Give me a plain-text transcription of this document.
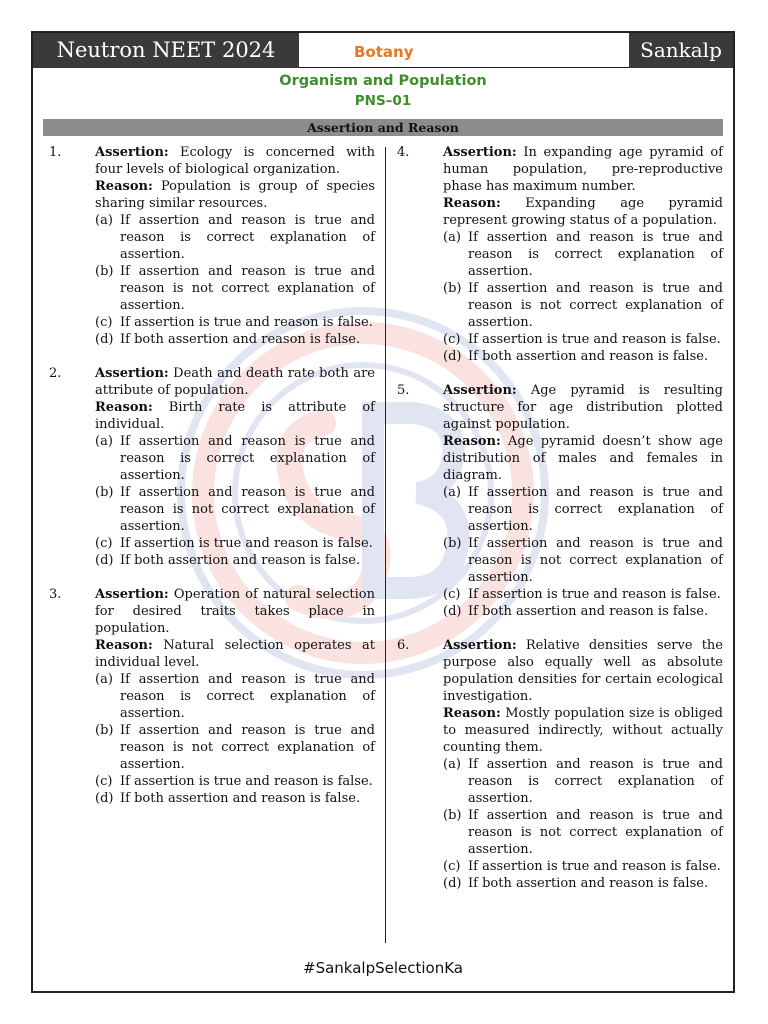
Neutron NEET 2024	Botany	Sankalp
Organism and Population
PNS–01
Assertion and Reason
1.	Assertion: Ecology is concerned with four levels of biological organization.
Reason: Population is group of species sharing similar resources.
(a) If assertion and reason is true and reason is correct explanation of assertion.
(b) If assertion and reason is true and reason is not correct explanation of assertion.
(c) If assertion is true and reason is false.
(d) If both assertion and reason is false.
2.	Assertion: Death and death rate both are attribute of population.
Reason: Birth rate is attribute of individual.
(a) If assertion and reason is true and reason is correct explanation of assertion.
(b) If assertion and reason is true and reason is not correct explanation of assertion.
(c) If assertion is true and reason is false.
(d) If both assertion and reason is false.
3.	Assertion: Operation of natural selection for desired traits takes place in population.
Reason: Natural selection operates at individual level.
(a) If assertion and reason is true and reason is correct explanation of assertion.
(b) If assertion and reason is true and reason is not correct explanation of assertion.
(c) If assertion is true and reason is false.
(d) If both assertion and reason is false.
4.	Assertion: In expanding age pyramid of human population, pre-reproductive phase has maximum number.
Reason: Expanding age pyramid represent growing status of a population.
(a) If assertion and reason is true and reason is correct explanation of assertion.
(b) If assertion and reason is true and reason is not correct explanation of assertion.
(c) If assertion is true and reason is false.
(d) If both assertion and reason is false.
5.	Assertion: Age pyramid is resulting structure for age distribution plotted against population.
Reason: Age pyramid doesn’t show age distribution of males and females in diagram.
(a) If assertion and reason is true and reason is correct explanation of assertion.
(b) If assertion and reason is true and reason is not correct explanation of assertion.
(c) If assertion is true and reason is false.
(d) If both assertion and reason is false.
6.	Assertion: Relative densities serve the purpose also equally well as absolute population densities for certain ecological investigation.
Reason: Mostly population size is obliged to measured indirectly, without actually counting them.
(a) If assertion and reason is true and reason is correct explanation of assertion.
(b) If assertion and reason is true and reason is not correct explanation of assertion.
(c) If assertion is true and reason is false.
(d) If both assertion and reason is false.
#SankalpSelectionKa
